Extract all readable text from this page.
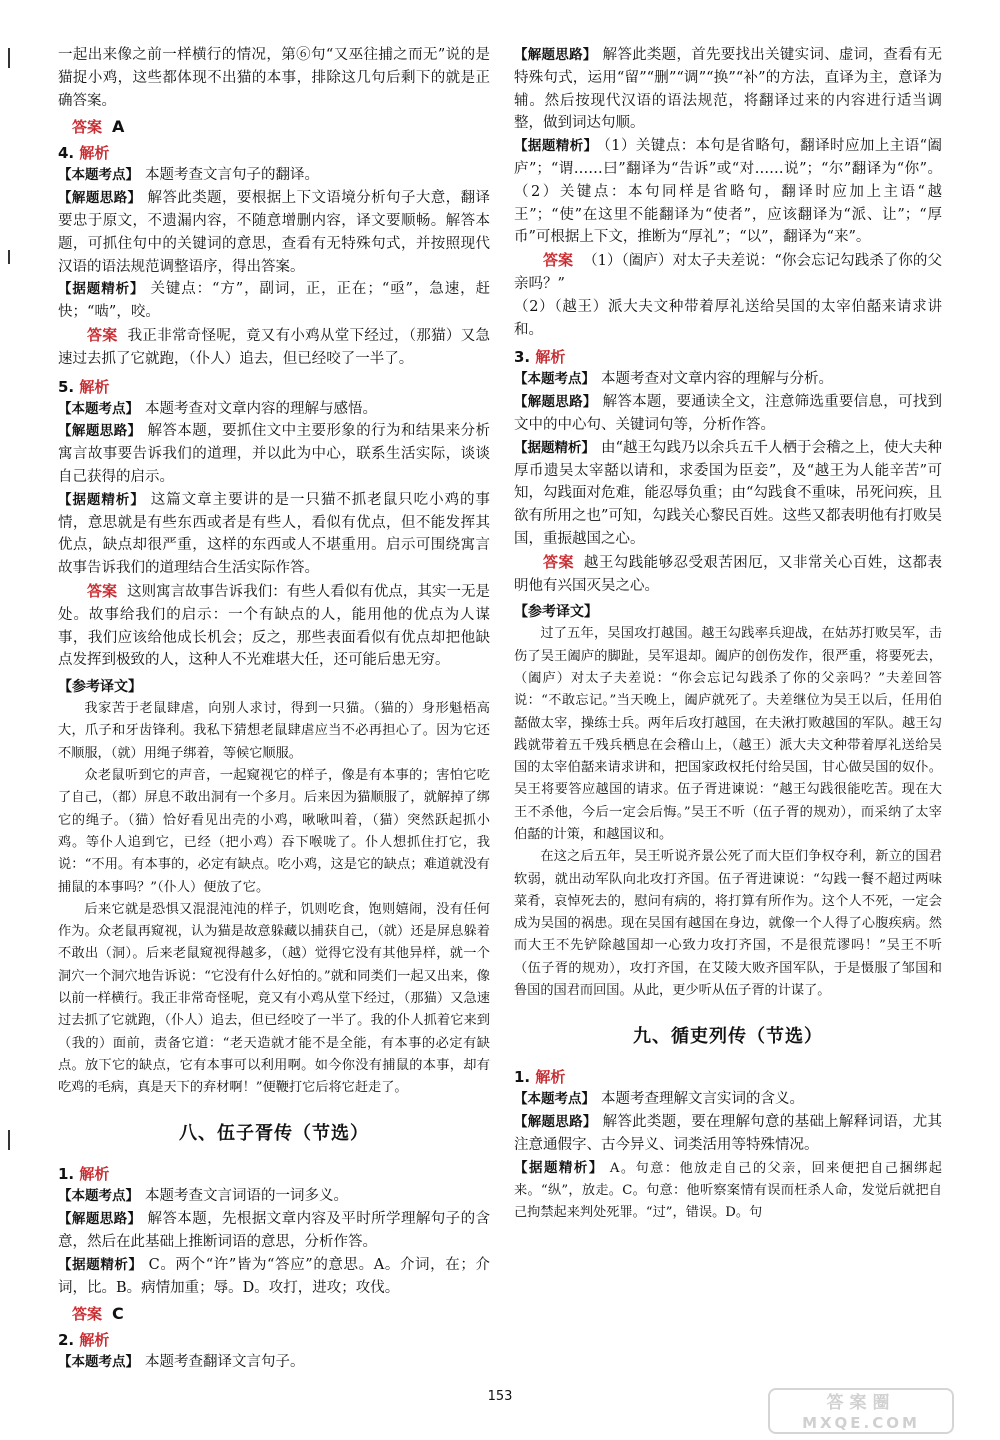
一起出来像之前一样横行的情况，第⑥句“又巫往捕之而无”说的是猫捉小鸡，这些都体现不出猫的本事，排除这几句后剩下的就是正确答案。

答案 A
4. 解析

【本题考点】 本题考查文言句子的翻译。

【解题思路】 解答此类题，要根据上下文语境分析句子大意，翻译要忠于原文，不遗漏内容，不随意增删内容，译文要顺畅。解答本题，可抓住句中的关键词的意思，查看有无特殊句式，并按照现代汉语的语法规范调整语序，得出答案。

【据题精析】 关键点：“方”，副词，正，正在；“亟”，急速，赶快；“啮”，咬。

答案 我正非常奇怪呢，竟又有小鸡从堂下经过，（那猫）又急速过去抓了它就跑，（仆人）追去，但已经咬了一半了。

5. 解析

【本题考点】 本题考查对文章内容的理解与感悟。

【解题思路】 解答本题，要抓住文中主要形象的行为和结果来分析寓言故事要告诉我们的道理，并以此为中心，联系生活实际，谈谈自己获得的启示。

【据题精析】 这篇文章主要讲的是一只猫不抓老鼠只吃小鸡的事情，意思就是有些东西或者是有些人，看似有优点，但不能发挥其优点，缺点却很严重，这样的东西或人不堪重用。启示可围绕寓言故事告诉我们的道理结合生活实际作答。

答案 这则寓言故事告诉我们：有些人看似有优点，其实一无是处。故事给我们的启示：一个有缺点的人，能用他的优点为人谋事，我们应该给他成长机会；反之，那些表面看似有优点却把他缺点发挥到极致的人，这种人不光难堪大任，还可能后患无穷。

【参考译文】

我家苦于老鼠肆虐，向别人求讨，得到一只猫。（猫的）身形魁梧高大，爪子和牙齿锋利。我私下猜想老鼠肆虐应当不必再担心了。因为它还不顺服，（就）用绳子绑着，等候它顺服。

众老鼠听到它的声音，一起窥视它的样子，像是有本事的；害怕它吃了自己，（都）屏息不敢出洞有一个多月。后来因为猫顺服了，就解掉了绑它的绳子。（猫）恰好看见出壳的小鸡，啾啾叫着，（猫）突然跃起抓小鸡。等仆人追到它，已经（把小鸡）吞下喉咙了。仆人想抓住打它，我说：“不用。有本事的，必定有缺点。吃小鸡，这是它的缺点；难道就没有捕鼠的本事吗？”（仆人）便放了它。

后来它就是恐惧又混混沌沌的样子，饥则吃食，饱则嬉闹，没有任何作为。众老鼠再窥视，认为猫是故意躲藏以捕获自己，（就）还是屏息躲着不敢出（洞）。后来老鼠窥视得越多，（越）觉得它没有其他异样，就一个洞穴一个洞穴地告诉说：“它没有什么好怕的。”就和同类们一起又出来，像以前一样横行。我正非常奇怪呢，竟又有小鸡从堂下经过，（那猫）又急速过去抓了它就跑，（仆人）追去，但已经咬了一半了。我的仆人抓着它来到（我的）面前，责备它道：“老天造就才能不是全能，有本事的必定有缺点。放下它的缺点，它有本事可以利用啊。如今你没有捕鼠的本事，却有吃鸡的毛病，真是天下的弃材啊！”便鞭打它后将它赶走了。

八、伍子胥传（节选）
1. 解析

【本题考点】 本题考查文言词语的一词多义。

【解题思路】 解答本题，先根据文章内容及平时所学理解句子的含意，然后在此基础上推断词语的意思，分析作答。

【据题精析】 C。两个“许”皆为“答应”的意思。A。介词，在；介词，比。B。病情加重；辱。D。攻打，进攻；攻伐。

答案 C
2. 解析

【本题考点】 本题考查翻译文言句子。

【解题思路】 解答此类题，首先要找出关键实词、虚词，查看有无特殊句式，运用“留”“删”“调”“换”“补”的方法，直译为主，意译为辅。然后按现代汉语的语法规范，将翻译过来的内容进行适当调整，做到词达句顺。

【据题精析】 （1）关键点：本句是省略句，翻译时应加上主语“阖庐”；“谓……曰”翻译为“告诉”或“对……说”；“尔”翻译为“你”。（2）关键点：本句同样是省略句，翻译时应加上主语“越王”；“使”在这里不能翻译为“使者”，应该翻译为“派、让”；“厚币”可根据上下文，推断为“厚礼”；“以”，翻译为“来”。

答案 （1）（阖庐）对太子夫差说：“你会忘记勾践杀了你的父亲吗？”

（2）（越王）派大夫文种带着厚礼送给吴国的太宰伯嚭来请求讲和。

3. 解析

【本题考点】 本题考查对文章内容的理解与分析。

【解题思路】 解答本题，要通读全文，注意筛选重要信息，可找到文中的中心句、关键词句等，分析作答。

【据题精析】 由“越王勾践乃以余兵五千人栖于会稽之上，使大夫种厚币遗吴太宰嚭以请和，求委国为臣妾”，及“越王为人能辛苦”可知，勾践面对危难，能忍辱负重；由“勾践食不重味，吊死问疾，且欲有所用之也”可知，勾践关心黎民百姓。这些又都表明他有打败吴国，重振越国之心。

答案 越王勾践能够忍受艰苦困厄，又非常关心百姓，这都表明他有兴国灭吴之心。

【参考译文】

过了五年，吴国攻打越国。越王勾践率兵迎战，在姑苏打败吴军，击伤了吴王阖庐的脚趾，吴军退却。阖庐的创伤发作，很严重，将要死去，（阖庐）对太子夫差说：“你会忘记勾践杀了你的父亲吗？”夫差回答说：“不敢忘记。”当天晚上，阖庐就死了。夫差继位为吴王以后，任用伯嚭做太宰，操练士兵。两年后攻打越国，在夫湫打败越国的军队。越王勾践就带着五千残兵栖息在会稽山上，（越王）派大夫文种带着厚礼送给吴国的太宰伯嚭来请求讲和，把国家政权托付给吴国，甘心做吴国的奴仆。吴王将要答应越国的请求。伍子胥进谏说：“越王勾践很能吃苦。现在大王不杀他，今后一定会后悔。”吴王不听（伍子胥的规劝），而采纳了太宰伯嚭的计策，和越国议和。

在这之后五年，吴王听说齐景公死了而大臣们争权夺利，新立的国君软弱，就出动军队向北攻打齐国。伍子胥进谏说：“勾践一餐不超过两味菜肴，哀悼死去的，慰问有病的，将打算有所作为。这个人不死，一定会成为吴国的祸患。现在吴国有越国在身边，就像一个人得了心腹疾病。然而大王不先铲除越国却一心致力攻打齐国，不是很荒谬吗！”吴王不听（伍子胥的规劝），攻打齐国，在艾陵大败齐国军队，于是慑服了邹国和鲁国的国君而回国。从此，更少听从伍子胥的计谋了。

九、循吏列传（节选）
1. 解析

【本题考点】 本题考查理解文言实词的含义。

【解题思路】 解答此类题，要在理解句意的基础上解释词语，尤其注意通假字、古今异义、词类活用等特殊情况。

【据题精析】 A。句意：他放走自己的父亲，回来便把自己捆绑起来。“纵”，放走。C。句意：他听察案情有误而枉杀人命，发觉后就把自己拘禁起来判处死罪。“过”，错误。D。句

153	答案圈
MXQE.COM
